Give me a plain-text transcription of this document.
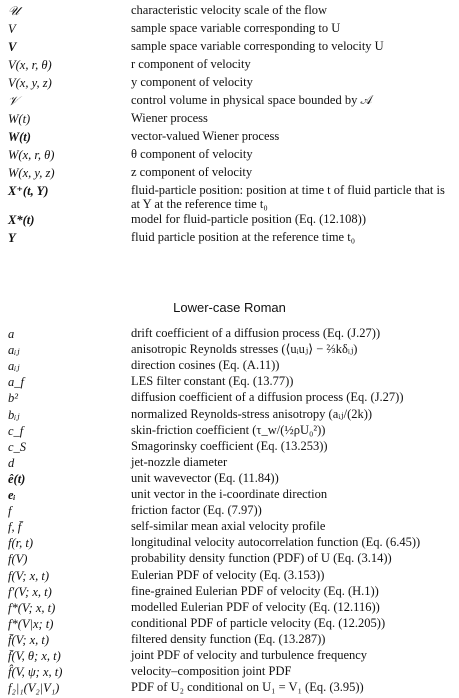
𝒰	characteristic velocity scale of the flow
V	sample space variable corresponding to U
V	sample space variable corresponding to velocity U
V(x, r, θ)	r component of velocity
V(x, y, z)	y component of velocity
𝒱	control volume in physical space bounded by 𝒜
W(t)	Wiener process
W(t)	vector-valued Wiener process
W(x, r, θ)	θ component of velocity
W(x, y, z)	z component of velocity
X⁺(t, Y)	fluid-particle position: position at time t of fluid particle that is at Y at the reference time t₀
X*(t)	model for fluid-particle position (Eq. (12.108))
Y	fluid particle position at the reference time t₀
Lower-case Roman
a	drift coefficient of a diffusion process (Eq. (J.27))
aᵢⱼ	anisotropic Reynolds stresses (⟨uᵢuⱼ⟩ − ⅔kδᵢⱼ)
aᵢⱼ	direction cosines (Eq. (A.11))
a_f	LES filter constant (Eq. (13.77))
b²	diffusion coefficient of a diffusion process (Eq. (J.27))
bᵢⱼ	normalized Reynolds-stress anisotropy (aᵢⱼ/(2k))
c_f	skin-friction coefficient (τ_w/(½ρU₀²))
c_S	Smagorinsky coefficient (Eq. (13.253))
d	jet-nozzle diameter
ê(t)	unit wavevector (Eq. (11.84))
eᵢ	unit vector in the i-coordinate direction
f	friction factor (Eq. (7.97))
f, f̄	self-similar mean axial velocity profile
f(r, t)	longitudinal velocity autocorrelation function (Eq. (6.45))
f(V)	probability density function (PDF) of U (Eq. (3.14))
f(V; x, t)	Eulerian PDF of velocity (Eq. (3.153))
f′(V; x, t)	fine-grained Eulerian PDF of velocity (Eq. (H.1))
f*(V; x, t)	modelled Eulerian PDF of velocity (Eq. (12.116))
f*(V|x; t)	conditional PDF of particle velocity (Eq. (12.205))
f̄(V; x, t)	filtered density function (Eq. (13.287))
f̄(V, θ; x, t)	joint PDF of velocity and turbulence frequency
f̂(V, ψ; x, t)	velocity–composition joint PDF
f₂|₁(V₂|V₁)	PDF of U₂ conditional on U₁ = V₁ (Eq. (3.95))
